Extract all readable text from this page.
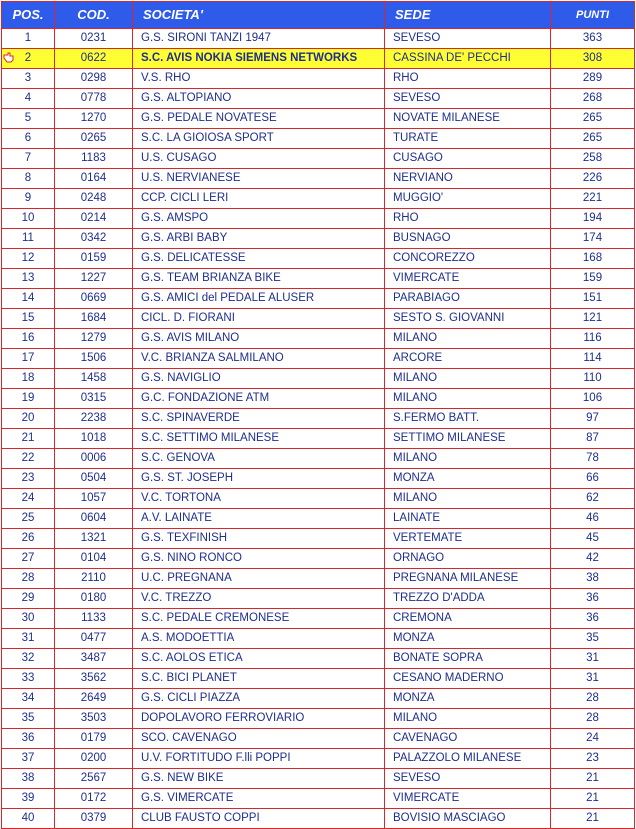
POS.	COD.	SOCIETA'	SEDE	PUNTI
1	0231	G.S. SIRONI TANZI 1947	SEVESO	363
2	0622	S.C. AVIS NOKIA SIEMENS NETWORKS	CASSINA DE' PECCHI	308
3	0298	V.S. RHO	RHO	289
4	0778	G.S. ALTOPIANO	SEVESO	268
5	1270	G.S. PEDALE NOVATESE	NOVATE MILANESE	265
6	0265	S.C. LA GIOIOSA SPORT	TURATE	265
7	1183	U.S. CUSAGO	CUSAGO	258
8	0164	U.S. NERVIANESE	NERVIANO	226
9	0248	CCP. CICLI LERI	MUGGIO'	221
10	0214	G.S. AMSPO	RHO	194
11	0342	G.S. ARBI BABY	BUSNAGO	174
12	0159	G.S. DELICATESSE	CONCOREZZO	168
13	1227	G.S. TEAM BRIANZA BIKE	VIMERCATE	159
14	0669	G.S. AMICI del PEDALE ALUSER	PARABIAGO	151
15	1684	CICL. D. FIORANI	SESTO S. GIOVANNI	121
16	1279	G.S. AVIS MILANO	MILANO	116
17	1506	V.C. BRIANZA SALMILANO	ARCORE	114
18	1458	G.S. NAVIGLIO	MILANO	110
19	0315	G.C. FONDAZIONE ATM	MILANO	106
20	2238	S.C. SPINAVERDE	S.FERMO BATT.	97
21	1018	S.C. SETTIMO MILANESE	SETTIMO MILANESE	87
22	0006	S.C. GENOVA	MILANO	78
23	0504	G.S. ST. JOSEPH	MONZA	66
24	1057	V.C. TORTONA	MILANO	62
25	0604	A.V. LAINATE	LAINATE	46
26	1321	G.S. TEXFINISH	VERTEMATE	45
27	0104	G.S. NINO RONCO	ORNAGO	42
28	2110	U.C. PREGNANA	PREGNANA MILANESE	38
29	0180	V.C. TREZZO	TREZZO D'ADDA	36
30	1133	S.C. PEDALE CREMONESE	CREMONA	36
31	0477	A.S. MODOETTIA	MONZA	35
32	3487	S.C. AOLOS ETICA	BONATE SOPRA	31
33	3562	S.C. BICI PLANET	CESANO MADERNO	31
34	2649	G.S. CICLI PIAZZA	MONZA	28
35	3503	DOPOLAVORO FERROVIARIO	MILANO	28
36	0179	SCO. CAVENAGO	CAVENAGO	24
37	0200	U.V. FORTITUDO F.lli POPPI	PALAZZOLO MILANESE	23
38	2567	G.S. NEW BIKE	SEVESO	21
39	0172	G.S. VIMERCATE	VIMERCATE	21
40	0379	CLUB FAUSTO COPPI	BOVISIO MASCIAGO	21
